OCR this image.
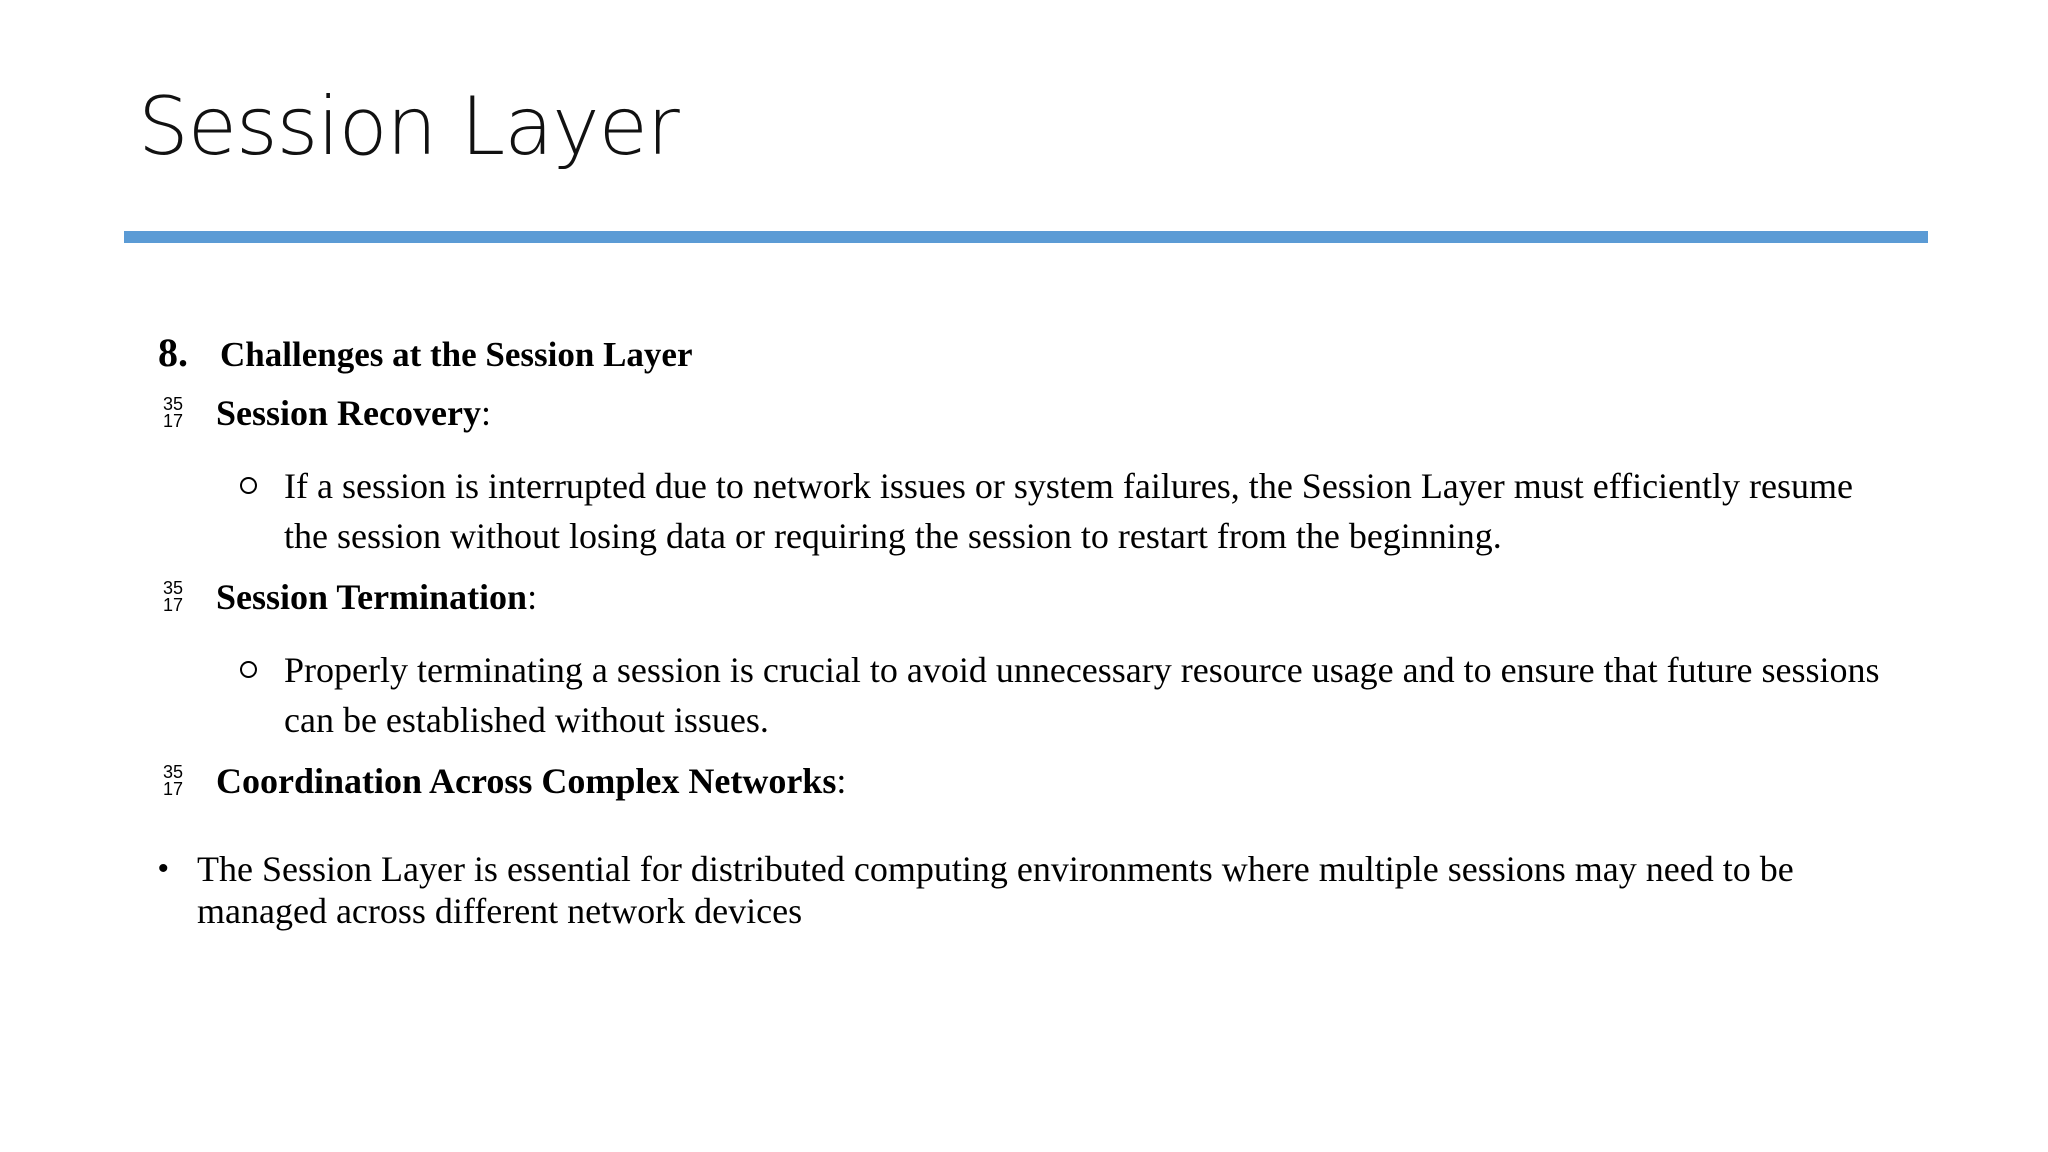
Session Layer
8. Challenges at the Session Layer
35
17 Session Recovery:
If a session is interrupted due to network issues or system failures, the Session Layer must efficiently resume the session without losing data or requiring the session to restart from the beginning.
35
17 Session Termination:
Properly terminating a session is crucial to avoid unnecessary resource usage and to ensure that future sessions can be established without issues.
35
17 Coordination Across Complex Networks:
• The Session Layer is essential for distributed computing environments where multiple sessions may need to be managed across different network devices
